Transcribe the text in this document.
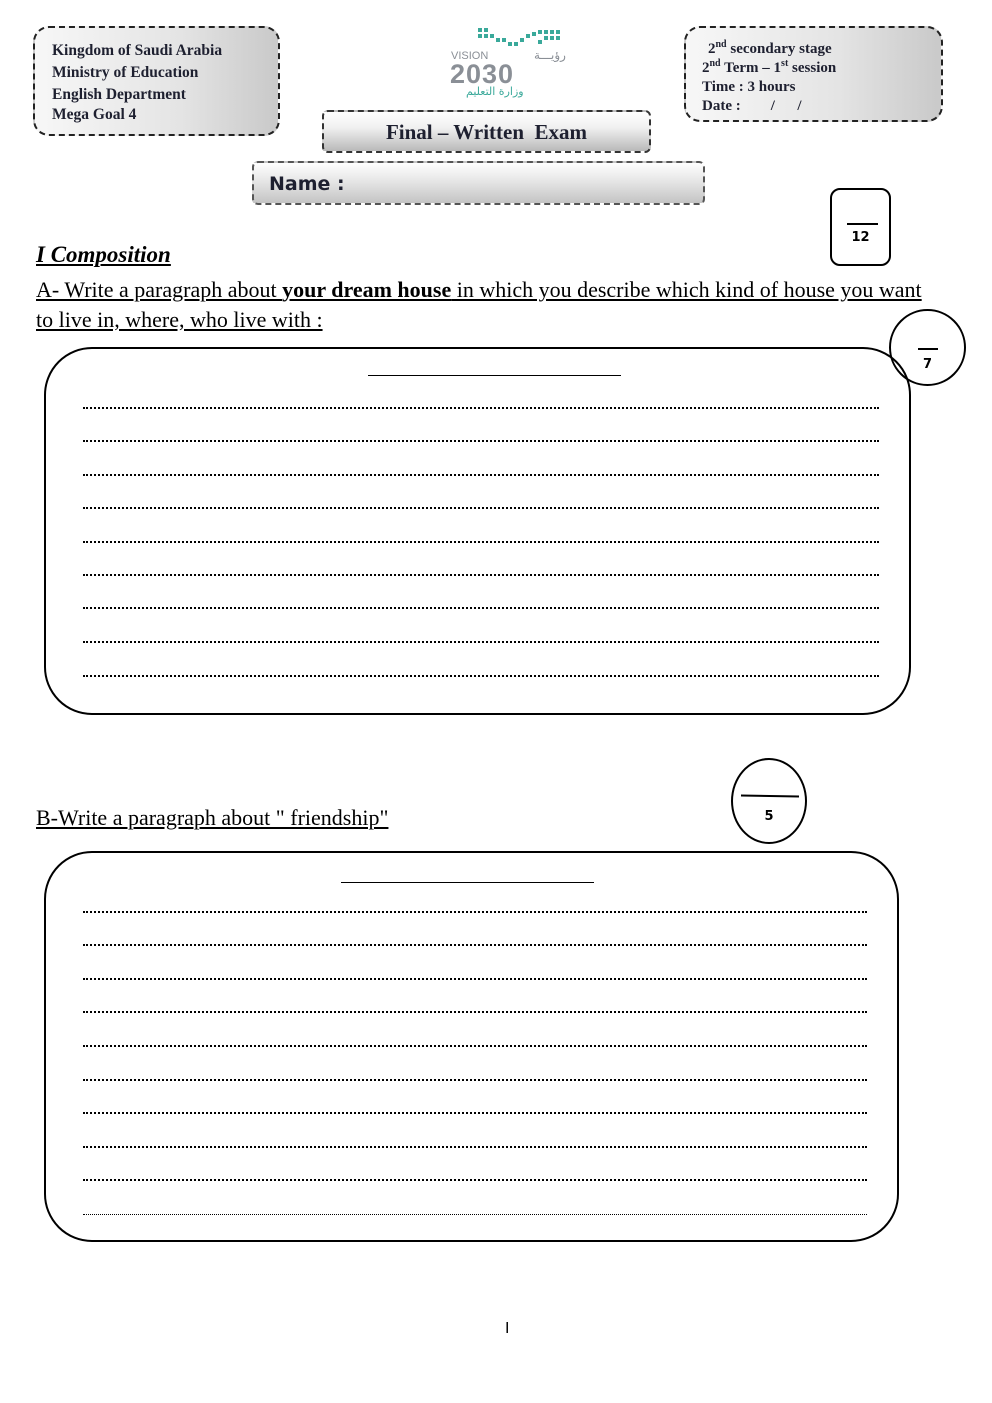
Kingdom of Saudi Arabia
Ministry of Education
English Department
Mega Goal 4
VISION	رؤيـــة
2030
وزارة التعليم
2nd secondary stage
2nd Term – 1st session
Time : 3 hours
Date :        /      /
Final – Written  Exam
Name :
12
I Composition
A- Write a paragraph about your dream house in which you describe which kind of house you want to live in, where, who live with :
7
5
B-Write a paragraph about " friendship"
I
